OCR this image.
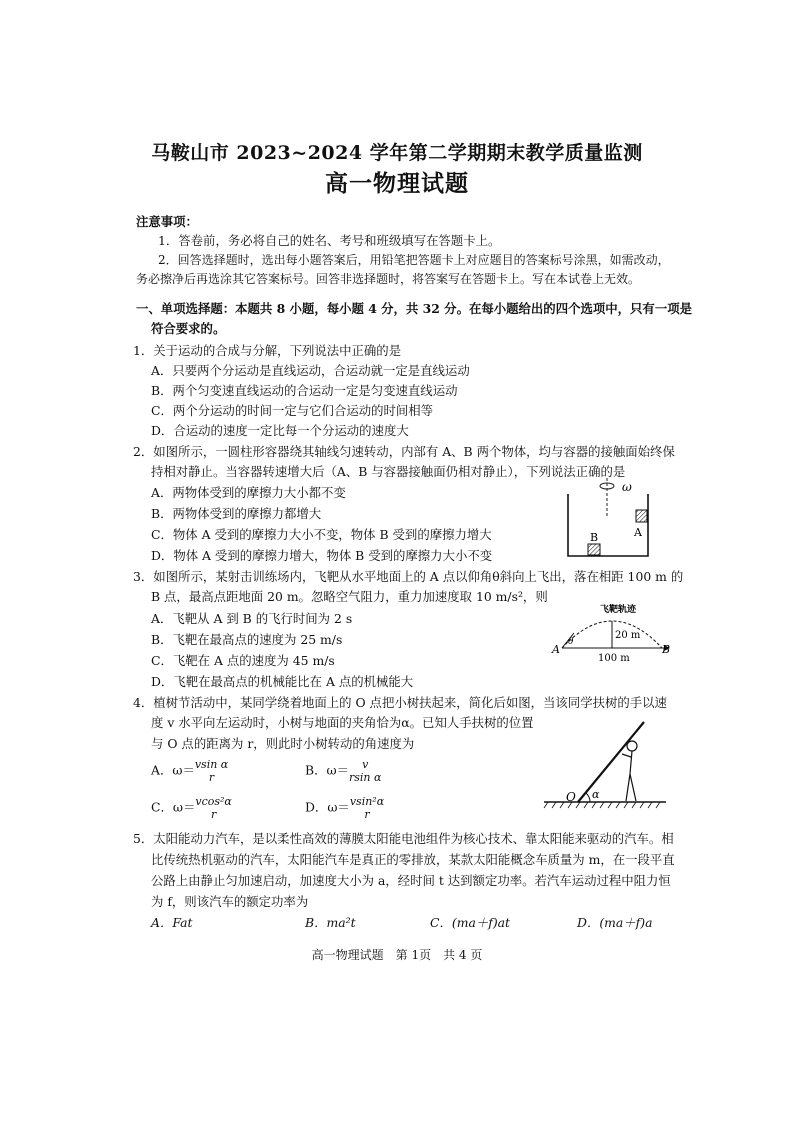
马鞍山市 2023~2024 学年第二学期期末教学质量监测
高一物理试题
注意事项：
1．答卷前，务必将自己的姓名、考号和班级填写在答题卡上。
2．回答选择题时，选出每小题答案后，用铅笔把答题卡上对应题目的答案标号涂黑，如需改动，
务必擦净后再选涂其它答案标号。回答非选择题时，将答案写在答题卡上。写在本试卷上无效。
一、单项选择题：本题共 8 小题，每小题 4 分，共 32 分。在每小题给出的四个选项中，只有一项是
符合要求的。
1．关于运动的合成与分解，下列说法中正确的是
A．只要两个分运动是直线运动，合运动就一定是直线运动
B．两个匀变速直线运动的合运动一定是匀变速直线运动
C．两个分运动的时间一定与它们合运动的时间相等
D．合运动的速度一定比每一个分运动的速度大
2．如图所示，一圆柱形容器绕其轴线匀速转动，内部有 A、B 两个物体，均与容器的接触面始终保
持相对静止。当容器转速增大后（A、B 与容器接触面仍相对静止），下列说法正确的是
A．两物体受到的摩擦力大小都不变
B．两物体受到的摩擦力都增大
C．物体 A 受到的摩擦力大小不变，物体 B 受到的摩擦力增大
D．物体 A 受到的摩擦力增大，物体 B 受到的摩擦力大小不变
ω
A
B
3．如图所示，某射击训练场内，飞靶从水平地面上的 A 点以仰角θ斜向上飞出，落在相距 100 m 的
B 点，最高点距地面 20 m。忽略空气阻力，重力加速度取 10 m/s²，则
A．飞靶从 A 到 B 的飞行时间为 2 s
B．飞靶在最高点的速度为 25 m/s
C．飞靶在 A 点的速度为 45 m/s
D．飞靶在最高点的机械能比在 A 点的机械能大
飞靶轨迹
20 m
θ
A	B
100 m
4．植树节活动中，某同学绕着地面上的 O 点把小树扶起来，简化后如图，当该同学扶树的手以速
度 v 水平向左运动时，小树与地面的夹角恰为α。已知人手扶树的位置
与 O 点的距离为 r，则此时小树转动的角速度为
A．ω＝ vsin α
r	B．ω＝	v
rsin α
C．ω＝ vcos²α
r	D．ω＝ vsin²α
r
O α
5．太阳能动力汽车，是以柔性高效的薄膜太阳能电池组件为核心技术、靠太阳能来驱动的汽车。相
比传统热机驱动的汽车，太阳能汽车是真正的零排放，某款太阳能概念车质量为 m，在一段平直
公路上由静止匀加速启动，加速度大小为 a，经时间 t 达到额定功率。若汽车运动过程中阻力恒
为 f，则该汽车的额定功率为
A．Fat	B．ma²t	C．(ma＋f)at	D．(ma＋f)a
高一物理试题　第 1页　共 4 页
